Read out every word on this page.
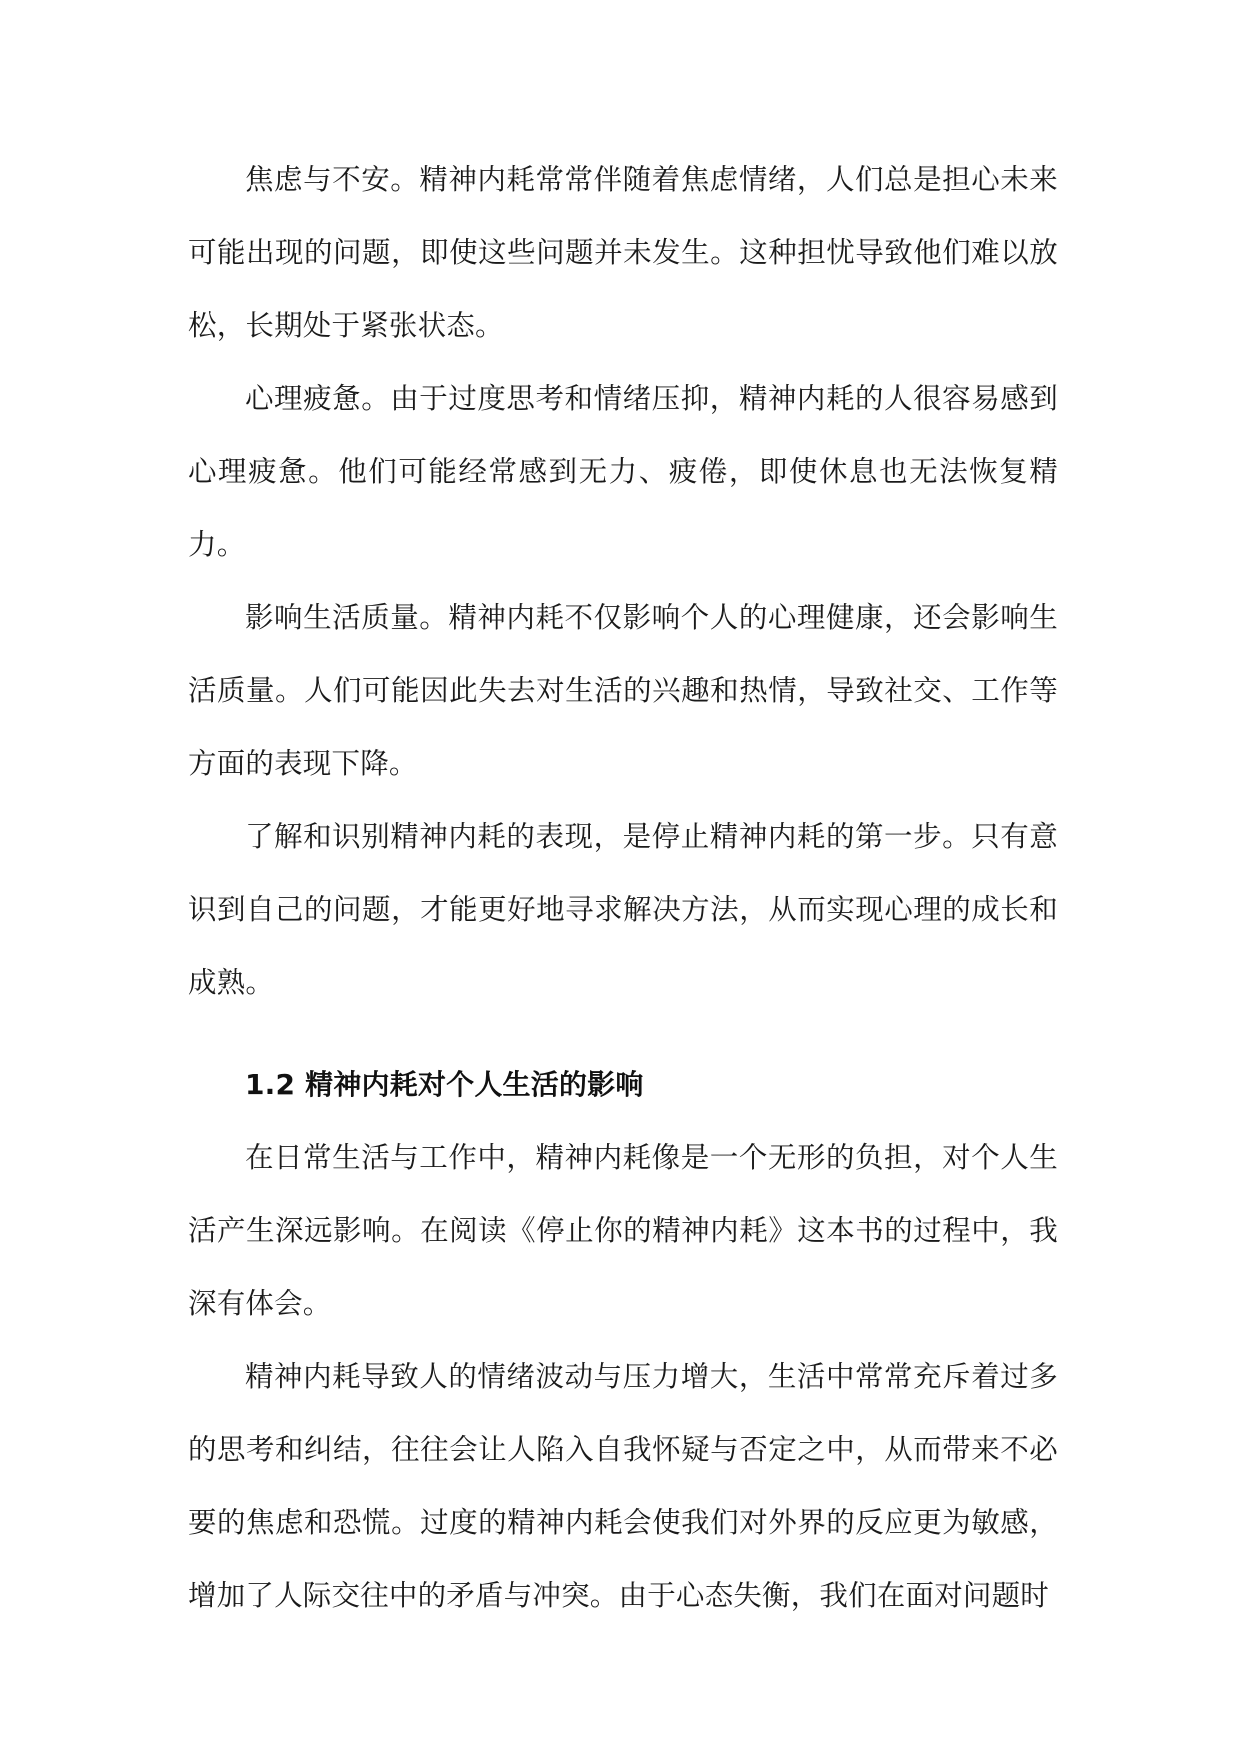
焦虑与不安。精神内耗常常伴随着焦虑情绪，人们总是担心未来可能出现的问题，即使这些问题并未发生。这种担忧导致他们难以放松，长期处于紧张状态。

心理疲惫。由于过度思考和情绪压抑，精神内耗的人很容易感到心理疲惫。他们可能经常感到无力、疲倦，即使休息也无法恢复精力。

影响生活质量。精神内耗不仅影响个人的心理健康，还会影响生活质量。人们可能因此失去对生活的兴趣和热情，导致社交、工作等方面的表现下降。

了解和识别精神内耗的表现，是停止精神内耗的第一步。只有意识到自己的问题，才能更好地寻求解决方法，从而实现心理的成长和成熟。

1.2 精神内耗对个人生活的影响

在日常生活与工作中，精神内耗像是一个无形的负担，对个人生活产生深远影响。在阅读《停止你的精神内耗》这本书的过程中，我深有体会。

精神内耗导致人的情绪波动与压力增大，生活中常常充斥着过多的思考和纠结，往往会让人陷入自我怀疑与否定之中，从而带来不必要的焦虑和恐慌。过度的精神内耗会使我们对外界的反应更为敏感，增加了人际交往中的矛盾与冲突。由于心态失衡，我们在面对问题时
